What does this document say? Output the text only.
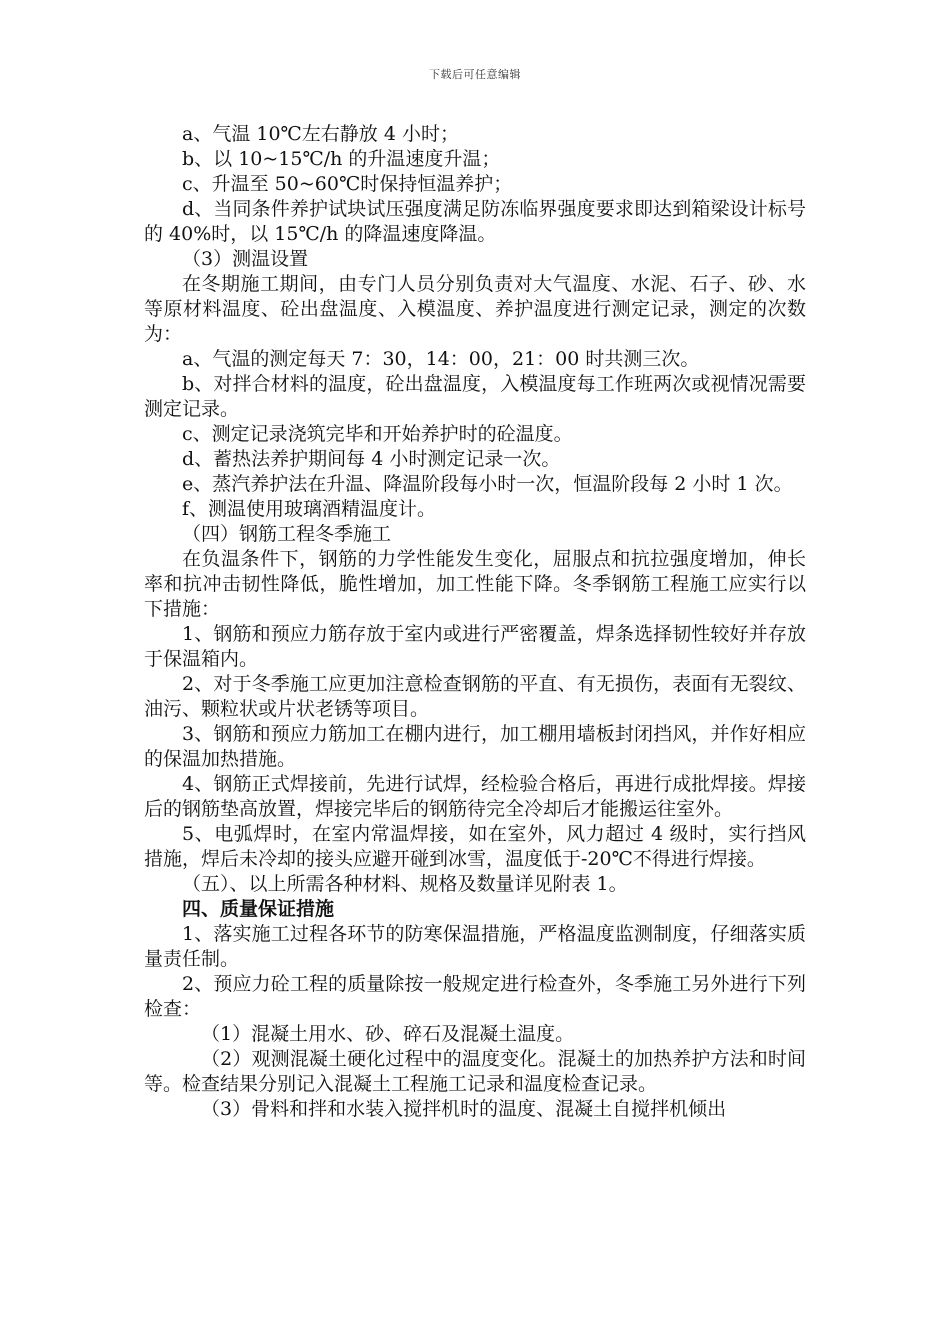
下载后可任意编辑

a、气温 10℃左右静放 4 小时；

b、以 10~15℃/h 的升温速度升温；

c、升温至 50~60℃时保持恒温养护；

d、当同条件养护试块试压强度满足防冻临界强度要求即达到箱梁设计标号的 40%时，以 15℃/h 的降温速度降温。

（3）测温设置

在冬期施工期间，由专门人员分别负责对大气温度、水泥、石子、砂、水等原材料温度、砼出盘温度、入模温度、养护温度进行测定记录，测定的次数为：

a、气温的测定每天 7：30，14：00，21：00 时共测三次。

b、对拌合材料的温度，砼出盘温度，入模温度每工作班两次或视情况需要测定记录。

c、测定记录浇筑完毕和开始养护时的砼温度。

d、蓄热法养护期间每 4 小时测定记录一次。

e、蒸汽养护法在升温、降温阶段每小时一次，恒温阶段每 2 小时 1 次。

f、测温使用玻璃酒精温度计。

（四）钢筋工程冬季施工

在负温条件下，钢筋的力学性能发生变化，屈服点和抗拉强度增加，伸长率和抗冲击韧性降低，脆性增加，加工性能下降。冬季钢筋工程施工应实行以下措施：

1、钢筋和预应力筋存放于室内或进行严密覆盖，焊条选择韧性较好并存放于保温箱内。

2、对于冬季施工应更加注意检查钢筋的平直、有无损伤，表面有无裂纹、油污、颗粒状或片状老锈等项目。

3、钢筋和预应力筋加工在棚内进行，加工棚用墙板封闭挡风，并作好相应的保温加热措施。

4、钢筋正式焊接前，先进行试焊，经检验合格后，再进行成批焊接。焊接后的钢筋垫高放置，焊接完毕后的钢筋待完全冷却后才能搬运往室外。

5、电弧焊时，在室内常温焊接，如在室外，风力超过 4 级时，实行挡风措施，焊后未冷却的接头应避开碰到冰雪，温度低于-20℃不得进行焊接。

（五）、以上所需各种材料、规格及数量详见附表 1。

四、质量保证措施

1、落实施工过程各环节的防寒保温措施，严格温度监测制度，仔细落实质量责任制。

2、预应力砼工程的质量除按一般规定进行检查外，冬季施工另外进行下列检查：

（1）混凝土用水、砂、碎石及混凝土温度。

（2）观测混凝土硬化过程中的温度变化。混凝土的加热养护方法和时间等。检查结果分别记入混凝土工程施工记录和温度检查记录。

（3）骨料和拌和水装入搅拌机时的温度、混凝土自搅拌机倾出
